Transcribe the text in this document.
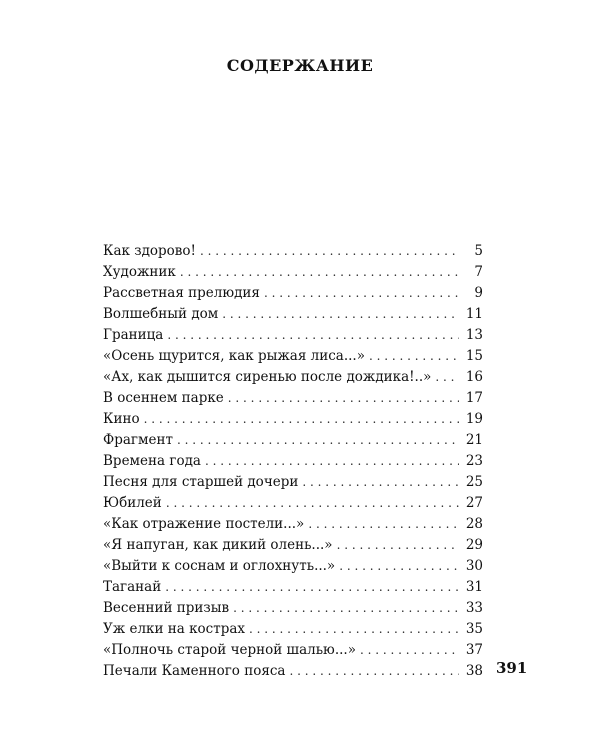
СОДЕРЖАНИЕ
Как здорово! . . .	5
Художник . . .	7
Рассветная прелюдия . . .	9
Волшебный дом . . .	11
Граница . . .	13
«Осень щурится, как рыжая лиса...» . . .	15
«Ах, как дышится сиренью после дождика!..» . . .	16
В осеннем парке . . .	17
Кино . . .	19
Фрагмент . . .	21
Времена года . . .	23
Песня для старшей дочери . . .	25
Юбилей . . .	27
«Как отражение постели...» . . .	28
«Я напуган, как дикий олень...» . . .	29
«Выйти к соснам и оглохнуть...» . . .	30
Таганай . . .	31
Весенний призыв . . .	33
Уж елки на кострах . . .	35
«Полночь старой черной шалью...» . . .	37
Печали Каменного пояса . . .	38 391
